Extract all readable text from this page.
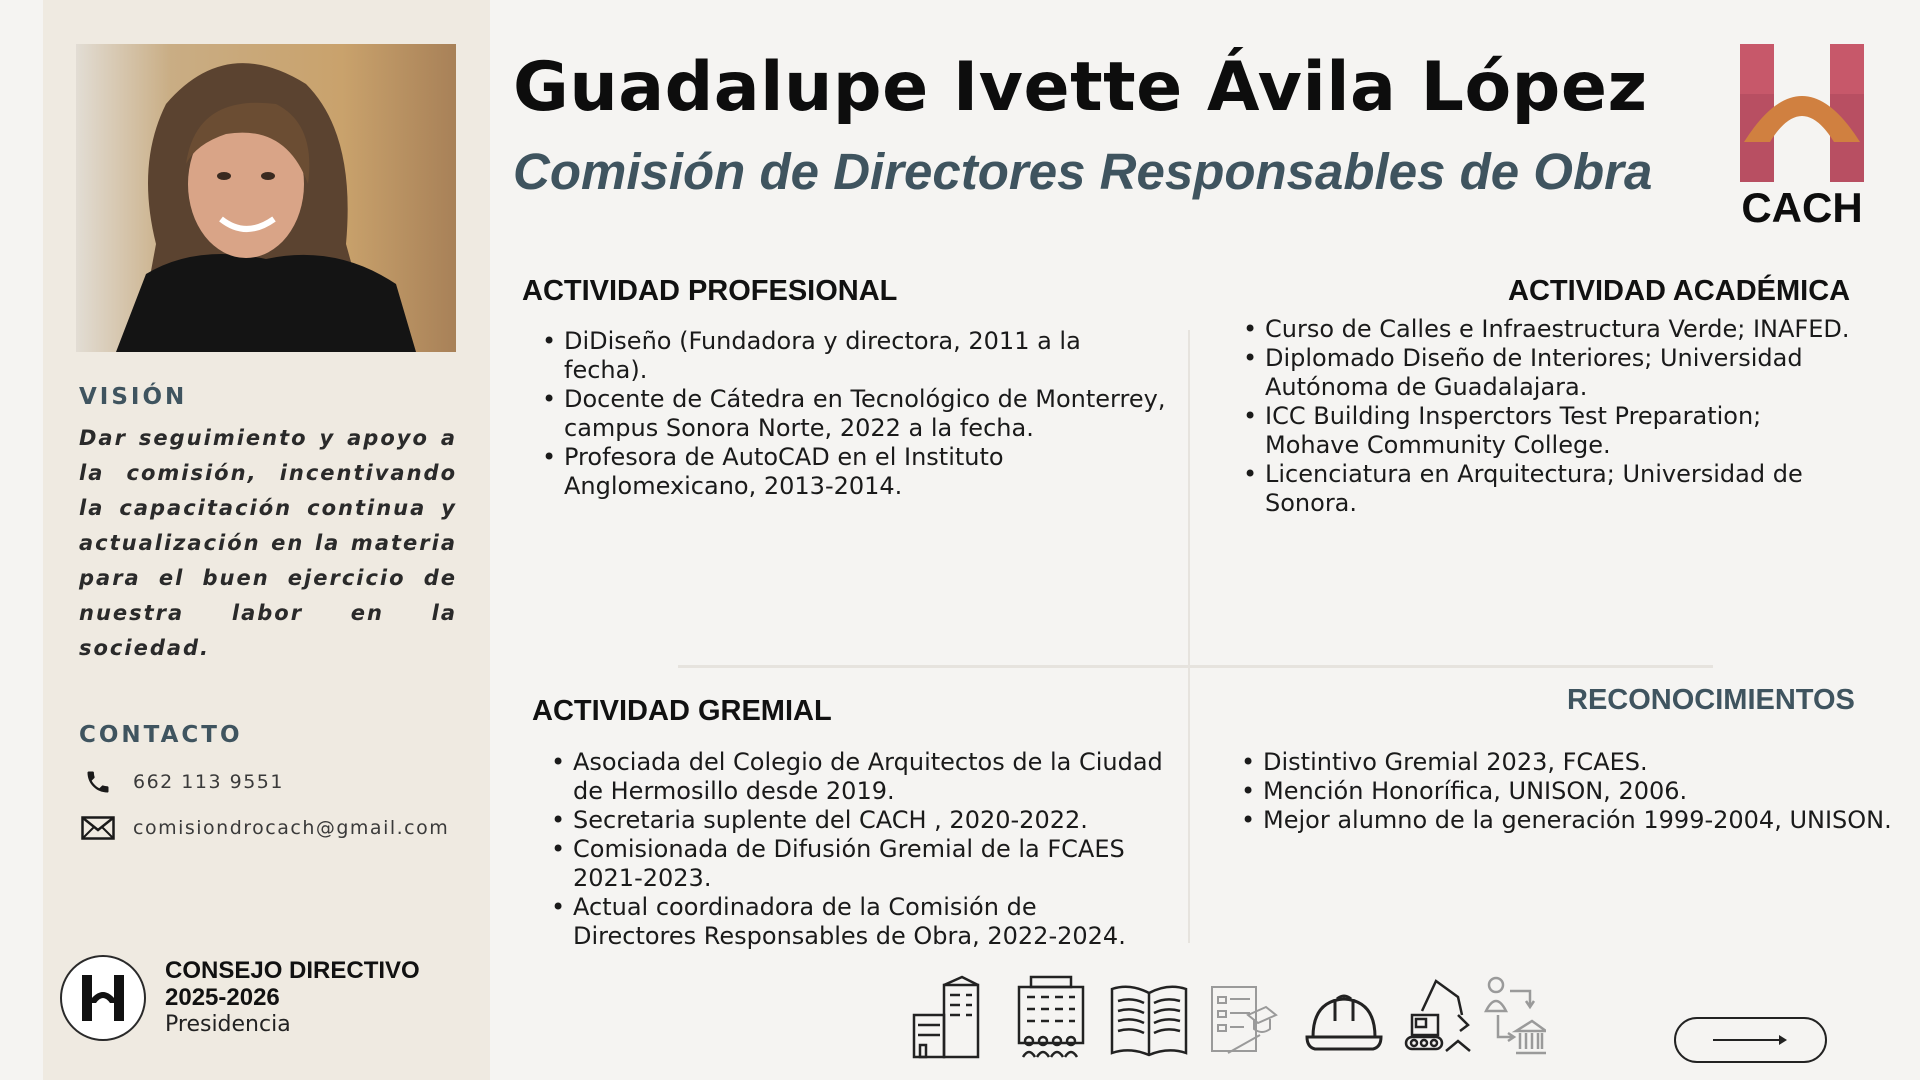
VISIÓN
Dar seguimiento y apoyo a la comisión, incentivando la capacitación continua y actualización en la materia para el buen ejercicio de nuestra labor en la sociedad.
CONTACTO
662 113 9551
comisiondrocach@gmail.com
CONSEJO DIRECTIVO
2025-2026
Presidencia
Guadalupe Ivette Ávila López
Comisión de Directores Responsables de Obra
CACH
ACTIVIDAD PROFESIONAL
• DiDiseño (Fundadora y directora, 2011 a la fecha).
• Docente de Cátedra en Tecnológico de Monterrey, campus Sonora Norte, 2022 a la fecha.
• Profesora de AutoCAD en el Instituto Anglomexicano, 2013-2014.
ACTIVIDAD ACADÉMICA
• Curso de Calles e Infraestructura Verde; INAFED.
• Diplomado Diseño de Interiores; Universidad Autónoma de Guadalajara.
• ICC Building Insperctors Test Preparation; Mohave Community College.
• Licenciatura en Arquitectura; Universidad de Sonora.
ACTIVIDAD GREMIAL
• Asociada del Colegio de Arquitectos de la Ciudad de Hermosillo desde 2019.
• Secretaria suplente del CACH , 2020-2022.
• Comisionada de Difusión Gremial de la FCAES 2021-2023.
• Actual coordinadora de la Comisión de Directores Responsables de Obra, 2022-2024.
RECONOCIMIENTOS
• Distintivo Gremial 2023, FCAES.
• Mención Honorífica, UNISON, 2006.
• Mejor alumno de la generación 1999-2004, UNISON.
